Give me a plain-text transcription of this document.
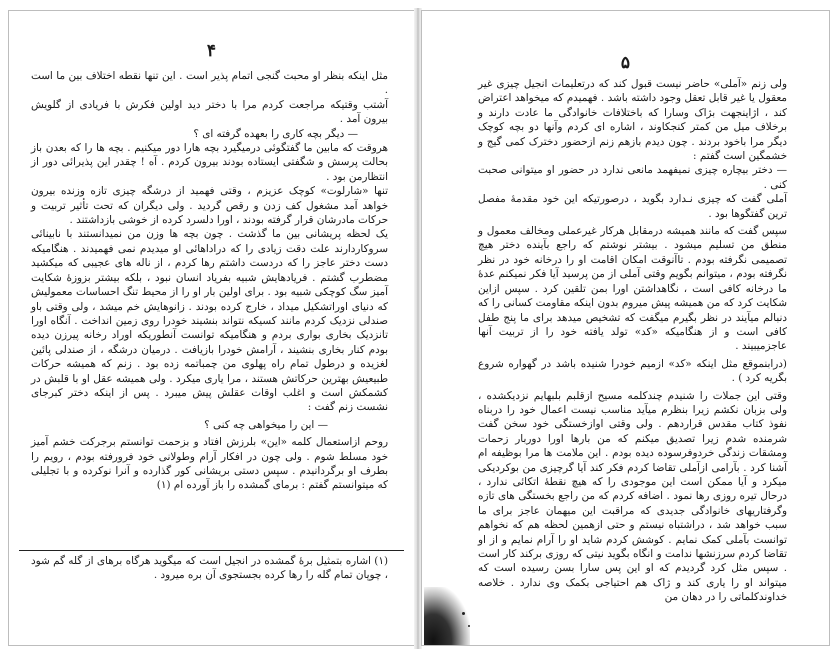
۴

مثل اینکه بنظر او محبت گنجی اتمام پذیر است . این تنها نقطه اختلاف بین ما است .

آشتب وقتیکه مراجعت کردم مرا با دختر دید اولین فکرش با فریادی از گلویش بیرون آمد .

— دیگر بچه کاری را بعهده گرفته ای ؟

هروقت که مابین ما گفتگوئی درمیگیرد بچه هارا دور میکنیم . بچه ها را که بعدن باز بحالت پرسش و شگفتی ایستاده بودند بیرون کردم . آه ! چقدر این پذیرائی دور از انتظارمن بود .

تنها «شارلوت» کوچک عزیزم ، وقتی فهمید از درشگه چیزی تازه وزنده بیرون خواهد آمد مشغول کف زدن و رقص گردید . ولی دیگران که تحت تأثیر تربیت و حرکات مادرشان قرار گرفته بودند ، اورا دلسرد کرده از خوشی بازداشتند .

یک لحظه پریشانی بین ما گذشت . چون بچه ها وزن من نمیدانستند با نابینائی سروکاردارند علت دقت زیادی را که دراداهائی او میدیدم نمی فهمیدند . هنگامیکه دست دختر عاجز را که دردست داشتم رها کردم ، از ناله های عجیبی که میکشید مضطرب گشتم . فریادهایش شبیه بفریاد انسان نبود ، بلکه بیشتر بزوزۀ شکایت آمیز سگ کوچکی شبیه بود . برای اولین بار او را از محیط تنگ احساسات معمولیش که دنیای اوراتشکیل میداد ، خارج کرده بودند . زانوهایش خم میشد ، ولی وقتی باو صندلی نزدیک کردم مانند کسیکه نتواند بنشیند خودرا روی زمین انداخت . آنگاه اورا تانزدیک بخاری بواری بردم و هنگامیکه توانست آنطوریکه اوراد رخانه پیرزن دیده بودم کنار بخاری بنشیند ، آرامش خودرا بازیافت . درمیان درشگه ، از صندلی پائین لغزیده و درطول تمام راه پهلوی من چمباتمه زده بود . زنم که همیشه حرکات طبیعیش بهترین حرکاتش هستند ، مرا یاری میکرد . ولی همیشه عقل او با قلبش در کشمکش است و اغلب اوقات عقلش پیش میبرد . پس از اینکه دختر کبرجای نشست زنم گفت :

— این را میخواهی چه کنی ؟

روحم ازاستعمال کلمه «این» بلرزش افتاد و بزحمت توانستم برجرکت خشم آمیز خود مسلط شوم . ولی چون در افکار آرام وطولانی خود فرورفته بودم ، رویم را بطرف او برگردانیدم . سپس دستی بریشانی کور گذارده و آنرا نوکرده و با تجلیلی که میتوانستم گفتم : برمای گمشده را باز آورده ام (۱)

(۱) اشاره بتمثیل برۀ گمشده در انجیل است که میگوید هرگاه برهای از گله گم شود ، چوپان تمام گله را رها کرده بجستجوی آن بره میرود .
۵

ولی زنم «آملی» حاضر نیست قبول کند که درتعلیمات انجیل چیزی غیر معقول یا غیر قابل تعقل وجود داشته باشد . فهمیدم که میخواهد اعتراض کند ، اژاینجهت بژاک وسارا که باختلافات خانوادگی ما عادت دارند و برخلاف میل من کمتر کنجکاوند ، اشاره ای کردم وآنها دو بچه کوچک دیگر مرا باخود بردند . چون دیدم بازهم زنم ازحضور دخترک کمی گیج و خشمگین است گفتم :

— دختر بیچاره چیزی نمیفهمد مانعی ندارد در حضور او میتوانی صحبت کنی .

آملی گفت که چیزی نـدارد بگوید ، درصورتیکه این خود مقدمۀ مفصل ترین گفتگوها بود .

سپس گفت که مانند همیشه درمقابل هرکار غیرعملی ومخالف معمول و منطق من تسلیم میشود . بیشتر نوشتم که راجع بآینده دختر هیچ تصمیمی نگرفته بودم . تاآنوقت امکان اقامت او را درخانه خود در نظر نگرفته بودم ، میتوانم بگویم وقتی آملی از من پرسید آیا فکر نمیکنم عدهٔ ما درخانه کافی است ، نگاهداشتن اورا بمن تلقین کرد . سپس ازاین شکایت کرد که من همیشه پیش میروم بدون اینکه مقاومت کسانی را که دنبالم میآیند در نظر بگیرم میگفت که تشخیص میدهد برای ما پنج طفل کافی است و از هنگامیکه «کد» تولد یافته خود را از تربیت آنها عاجزمیبیند .

(درابنموقع مثل اینکه «کد» ازمیم خودرا شنیده باشد در گهواره شروع بگریه کرد ) .

وقتی این جملات را شنیدم چندکلمه مسیح ازقلبم بلبهایم نزدیکشده ، ولی بزبان نکشم زیرا بنظرم میآید مناسب نیست اعمال خود را دربناه نفوذ کتاب مقدس قراردهم . ولی وقتی اوازخستگی خود سخن گفت شرمنده شدم زیرا تصدیق میکنم که من بارها اورا دوربار زحمات ومشقات زندگی خردوفرسوده دیده بودم . این ملامت ها مرا بوظیفه ام آشنا کرد . بآرامی ازآملی تقاضا کردم فکر کند آیا گرچیزی من بوکردیکی میکرد و آیا ممکن است این موجودی را که هیچ نقطۀ اتکائی ندارد ، درحال تیره روزی رها نمود . اضافه کردم که من راجع بخستگی های تازه وگرفتاریهای خانوادگی جدیدی که مراقبت این میهمان عاجز برای ما سبب خواهد شد ، دراشتباه نیستم و حتی ازهمین لحظه هم که نخواهم توانست بآملی کمک نمایم . کوشش کردم شاید او را آرام نمایم و از او تقاضا کردم سرزنشها ندامت و انگاه بگوید نیتی که روزی برکند کار است . سپس مثل کرد گردیدم که او این پس سارا بسن رسیده است که میتواند او را یاری کند و ژاک هم احتیاجی بکمک وی ندارد . خلاصه خداوندکلماتی را در دهان من
